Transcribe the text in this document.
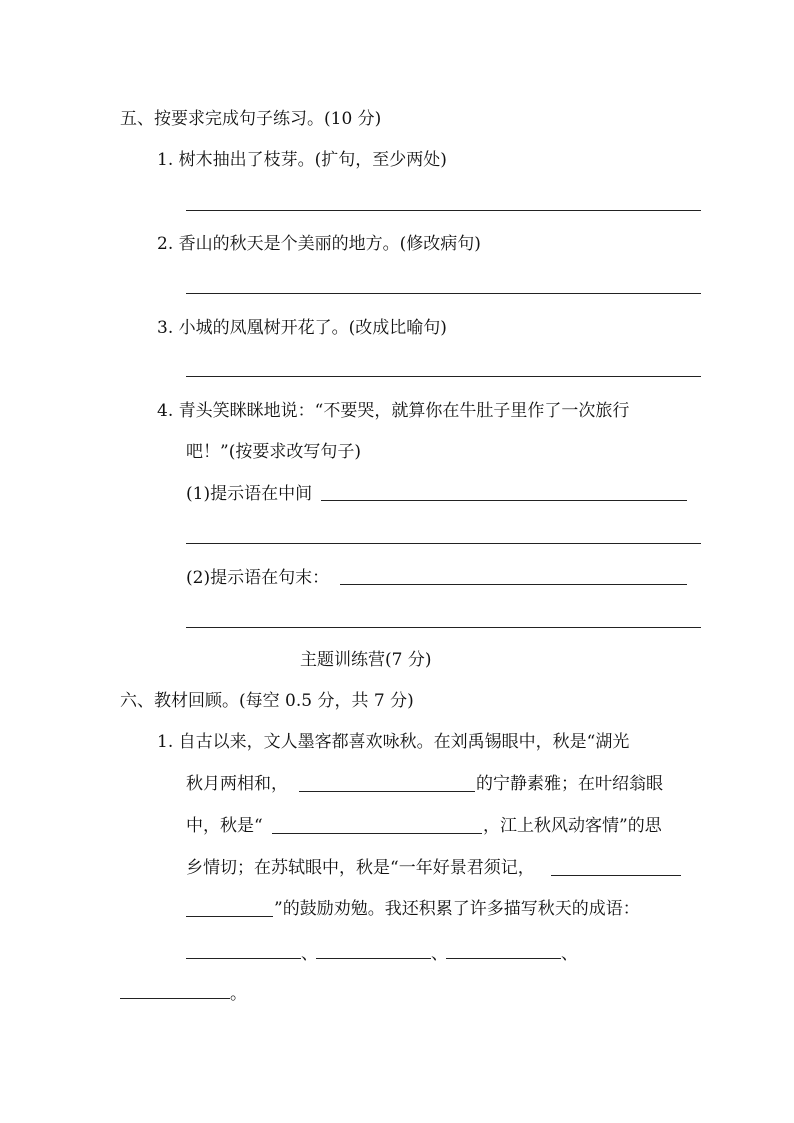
五、按要求完成句子练习。(10 分)
1. 树木抽出了枝芽。(扩句，至少两处)
2. 香山的秋天是个美丽的地方。(修改病句)
3. 小城的凤凰树开花了。(改成比喻句)
4. 青头笑眯眯地说：“不要哭，就算你在牛肚子里作了一次旅行
吧！”(按要求改写句子)
(1)提示语在中间
(2)提示语在句末：
主题训练营(7 分)
六、教材回顾。(每空 0.5 分，共 7 分)
1. 自古以来，文人墨客都喜欢咏秋。在刘禹锡眼中，秋是“湖光
秋月两相和，	的宁静素雅；在叶绍翁眼
中，秋是“	，江上秋风动客情”的思
乡情切；在苏轼眼中，秋是“一年好景君须记，
”的鼓励劝勉。我还积累了许多描写秋天的成语：
、	、	、
。
